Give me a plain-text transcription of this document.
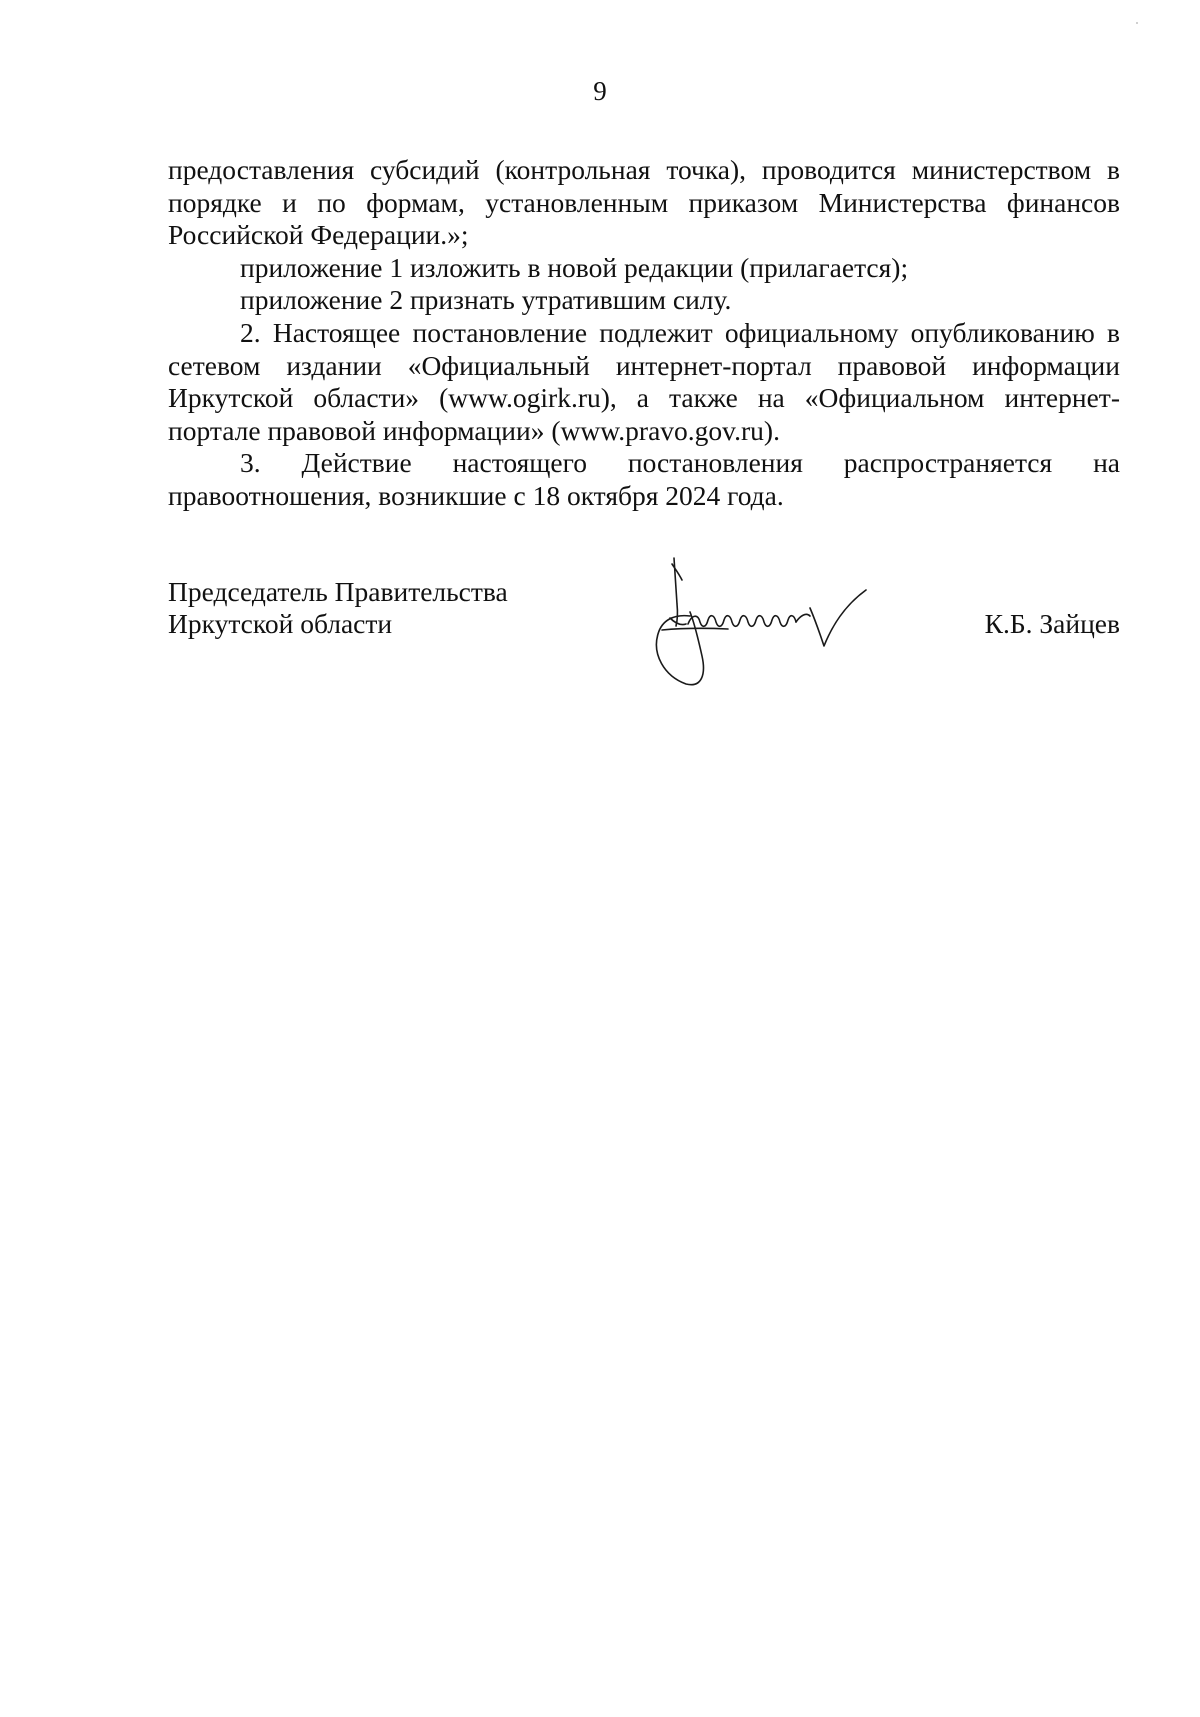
9

предоставления субсидий (контрольная точка), проводится министерством в порядке и по формам, установленным приказом Министерства финансов Российской Федерации.»;

приложение 1 изложить в новой редакции (прилагается);

приложение 2 признать утратившим силу.

2. Настоящее постановление подлежит официальному опубликованию в сетевом издании «Официальный интернет-портал правовой информации Иркутской области» (www.ogirk.ru), а также на «Официальном интернет-портале правовой информации» (www.pravo.gov.ru).

3. Действие настоящего постановления распространяется на

правоотношения, возникшие с 18 октября 2024 года.

Председатель Правительства
Иркутской области	К.Б. Зайцев
